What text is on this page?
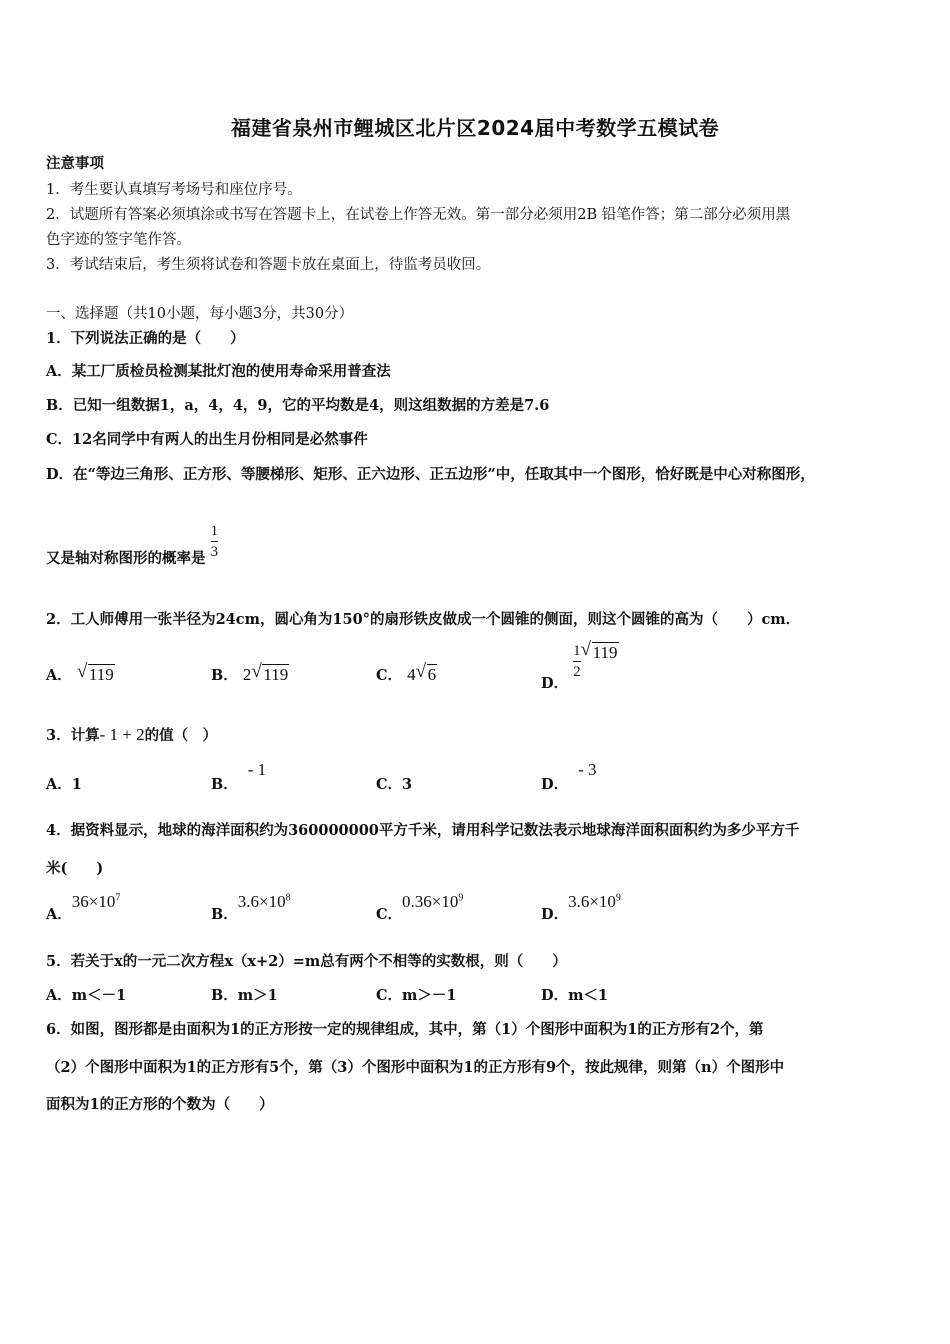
福建省泉州市鲤城区北片区2024届中考数学五模试卷
注意事项
1．考生要认真填写考场号和座位序号。
2．试题所有答案必须填涂或书写在答题卡上，在试卷上作答无效。第一部分必须用2B 铅笔作答；第二部分必须用黑
色字迹的签字笔作答。
3．考试结束后，考生须将试卷和答题卡放在桌面上，待监考员收回。
一、选择题（共10小题，每小题3分，共30分）
1．下列说法正确的是（　　）
A．某工厂质检员检测某批灯泡的使用寿命采用普查法
B．已知一组数据1，a，4，4，9，它的平均数是4，则这组数据的方差是7.6
C．12名同学中有两人的出生月份相同是必然事件
D．在“等边三角形、正方形、等腰梯形、矩形、正六边形、正五边形”中，任取其中一个图形，恰好既是中心对称图形，
又是轴对称图形的概率是 $\frac{1}{3}$
2．工人师傅用一张半径为24cm，圆心角为150°的扇形铁皮做成一个圆锥的侧面，则这个圆锥的高为（　　）cm．
A． √ 119	B． 2 √ 119	C． 4 √ 6	D．
$\frac{1}{2}$ √ 119
3．计算- 1 + 2的值（　）
A．1	B．- 1
C．3	D．- 3
4．据资料显示，地球的海洋面积约为360000000平方千米，请用科学记数法表示地球海洋面积面积约为多少平方千
米(　　)
A．$36\times 10^7$
B．$3.6\times 10^8$
C．$0.36\times 10^9$
D．$3.6\times 10^9$
5．若关于x的一元二次方程x（x+2）=m总有两个不相等的实数根，则（　　）
A．m＜－1	B．m＞1	C．m＞－1	D．m＜1
6．如图，图形都是由面积为1的正方形按一定的规律组成，其中，第（1）个图形中面积为1的正方形有2个，第
（2）个图形中面积为1的正方形有5个，第（3）个图形中面积为1的正方形有9个，按此规律，则第（n）个图形中
面积为1的正方形的个数为（　　）
